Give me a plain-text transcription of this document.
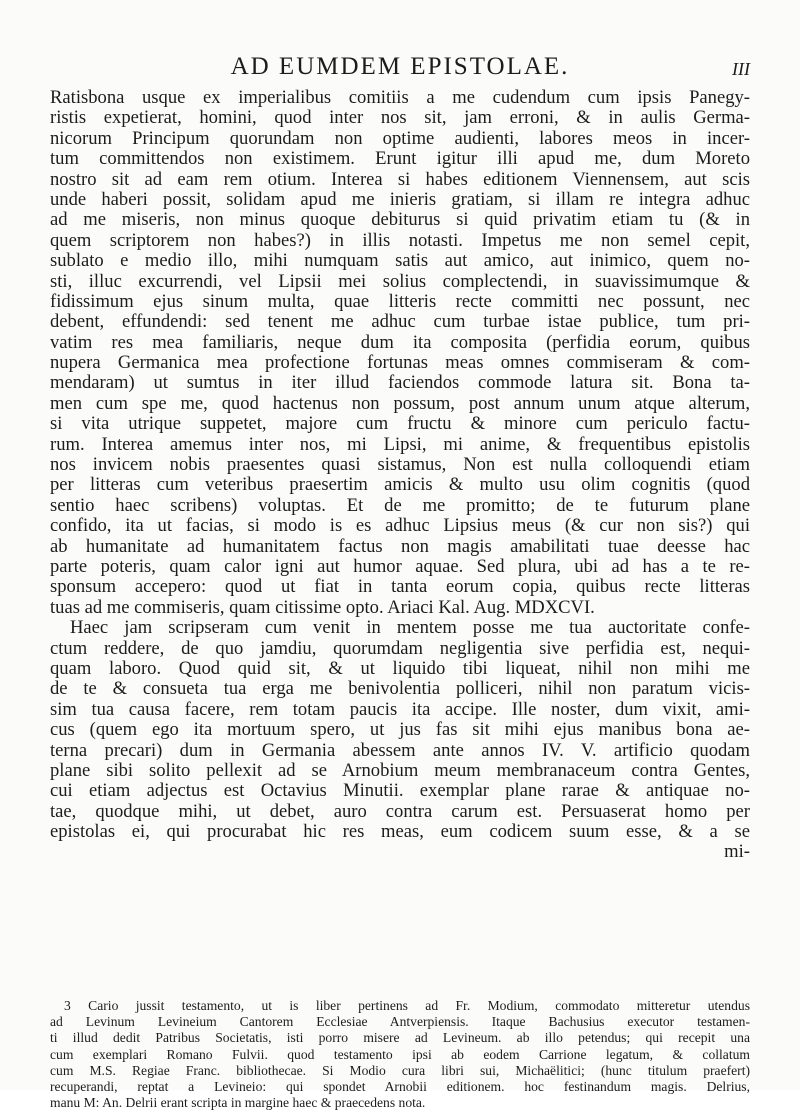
AD EUMDEM EPISTOLAE.	III
Ratisbona usque ex imperialibus comitiis a me cudendum cum ipsis Panegy-
ristis expetierat, homini, quod inter nos sit, jam erroni, & in aulis Germa-
nicorum Principum quorundam non optime audienti, labores meos in incer-
tum committendos non existimem. Erunt igitur illi apud me, dum Moreto
nostro sit ad eam rem otium. Interea si habes editionem Viennensem, aut scis
unde haberi possit, solidam apud me inieris gratiam, si illam re integra adhuc
ad me miseris, non minus quoque debiturus si quid privatim etiam tu (& in
quem scriptorem non habes?) in illis notasti. Impetus me non semel cepit,
sublato e medio illo, mihi numquam satis aut amico, aut inimico, quem no-
sti, illuc excurrendi, vel Lipsii mei solius complectendi, in suavissimumque &
fidissimum ejus sinum multa, quae litteris recte committi nec possunt, nec
debent, effundendi: sed tenent me adhuc cum turbae istae publice, tum pri-
vatim res mea familiaris, neque dum ita composita (perfidia eorum, quibus
nupera Germanica mea profectione fortunas meas omnes commiseram & com-
mendaram) ut sumtus in iter illud faciendos commode latura sit. Bona ta-
men cum spe me, quod hactenus non possum, post annum unum atque alterum,
si vita utrique suppetet, majore cum fructu & minore cum periculo factu-
rum. Interea amemus inter nos, mi Lipsi, mi anime, & frequentibus epistolis
nos invicem nobis praesentes quasi sistamus, Non est nulla colloquendi etiam
per litteras cum veteribus praesertim amicis & multo usu olim cognitis (quod
sentio haec scribens) voluptas. Et de me promitto; de te futurum plane
confido, ita ut facias, si modo is es adhuc Lipsius meus (& cur non sis?) qui
ab humanitate ad humanitatem factus non magis amabilitati tuae deesse hac
parte poteris, quam calor igni aut humor aquae. Sed plura, ubi ad has a te re-
sponsum accepero: quod ut fiat in tanta eorum copia, quibus recte litteras
tuas ad me commiseris, quam citissime opto. Ariaci Kal. Aug. MDXCVI.
Haec jam scripseram cum venit in mentem posse me tua auctoritate confe-
ctum reddere, de quo jamdiu, quorumdam negligentia sive perfidia est, nequi-
quam laboro. Quod quid sit, & ut liquido tibi liqueat, nihil non mihi me
de te & consueta tua erga me benivolentia polliceri, nihil non paratum vicis-
sim tua causa facere, rem totam paucis ita accipe. Ille noster, dum vixit, ami-
cus (quem ego ita mortuum spero, ut jus fas sit mihi ejus manibus bona ae-
terna precari) dum in Germania abessem ante annos IV. V. artificio quodam
plane sibi solito pellexit ad se Arnobium meum membranaceum contra Gentes,
cui etiam adjectus est Octavius Minutii. exemplar plane rarae & antiquae no-
tae, quodque mihi, ut debet, auro contra carum est. Persuaserat homo per
epistolas ei, qui procurabat hic res meas, eum codicem suum esse, & a se
mi-
3 Cario jussit testamento, ut is liber pertinens ad Fr. Modium, commodato mitteretur utendus
ad Levinum Levineium Cantorem Ecclesiae Antverpiensis. Itaque Bachusius executor testamen-
ti illud dedit Patribus Societatis, isti porro misere ad Levineum. ab illo petendus; qui recepit una
cum exemplari Romano Fulvii. quod testamento ipsi ab eodem Carrione legatum, & collatum
cum M.S. Regiae Franc. bibliothecae. Si Modio cura libri sui, Michaëlitici; (hunc titulum praefert)
recuperandi, reptat a Levineio: qui spondet Arnobii editionem. hoc festinandum magis. Delrius,
manu M: An. Delrii erant scripta in margine haec & praecedens nota.
